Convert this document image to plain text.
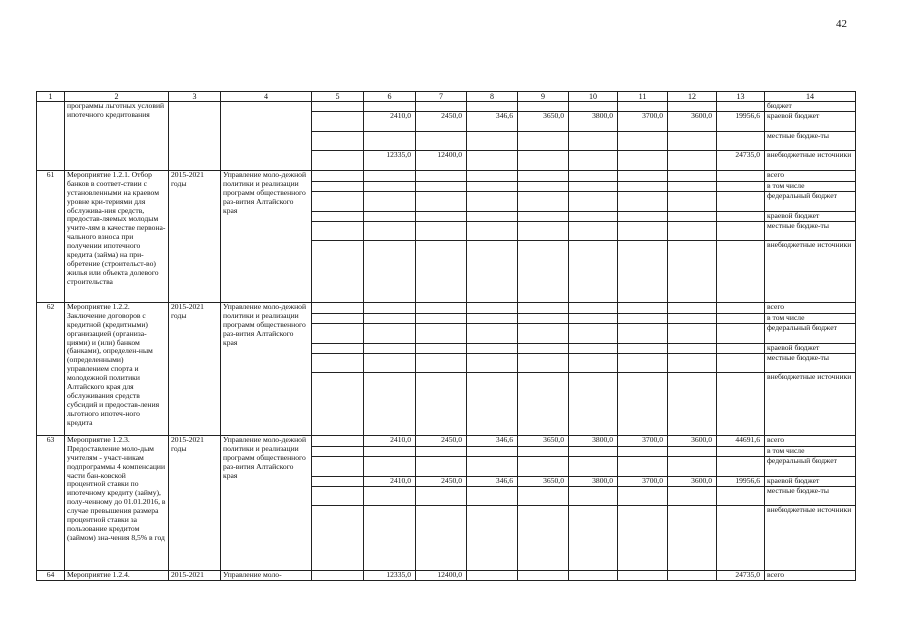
42
1	2	3	4	5	6	7	8	9	10	11	12	13	14
	программы льготных условий ипотечного кредитования												бюджет
					2410,0	2450,0	346,6	3650,0	3800,0	3700,0	3600,0	19956,6	краевой бюджет
													местные бюдже-ты
					12335,0	12400,0						24735,0	внебюджетные источники
61	Мероприятие 1.2.1. Отбор банков в соответ-ствии с установленными на краевом уровне кри-териями для обслужива-ния средств, предостав-ляемых молодым учите-лям в качестве первона-чального взноса при получении ипотечного кредита (займа) на при-обретение (строительст-во) жилья или объекта долевого строительства	2015-2021 годы	Управление моло-дежной политики и реализации программ общественного раз-вития Алтайского края										всего
													в том числе
													федеральный бюджет
													краевой бюджет
													местные бюдже-ты
													внебюджетные источники
62	Мероприятие 1.2.2. Заключение договоров с кредитной (кредитными) организацией (организа-циями) и (или) банком (банками), определен-ным (определенными) управлением спорта и молодежной политики Алтайского края для обслуживания средств субсидий и предостав-ления льготного ипотеч-ного кредита	2015-2021 годы	Управление моло-дежной политики и реализации программ общественного раз-вития Алтайского края										всего
													в том числе
													федеральный бюджет
													краевой бюджет
													местные бюдже-ты
													внебюджетные источники
63	Мероприятие 1.2.3. Предоставление моло-дым учителям - участ-никам подпрограммы 4 компенсации части бан-ковской процентной ставки по ипотечному кредиту (займу), полу-ченному до 01.01.2016, в случае превышения размера процентной ставки за пользование кредитом (займом) зна-чения 8,5% в год	2015-2021 годы	Управление моло-дежной политики и реализации программ общественного раз-вития Алтайского края		2410,0	2450,0	346,6	3650,0	3800,0	3700,0	3600,0	44691,6	всего
													в том числе
													федеральный бюджет
					2410,0	2450,0	346,6	3650,0	3800,0	3700,0	3600,0	19956,6	краевой бюджет
													местные бюдже-ты
													внебюджетные источники
64	Мероприятие 1.2.4.	2015-2021	Управление моло-		12335,0	12400,0						24735,0	всего
